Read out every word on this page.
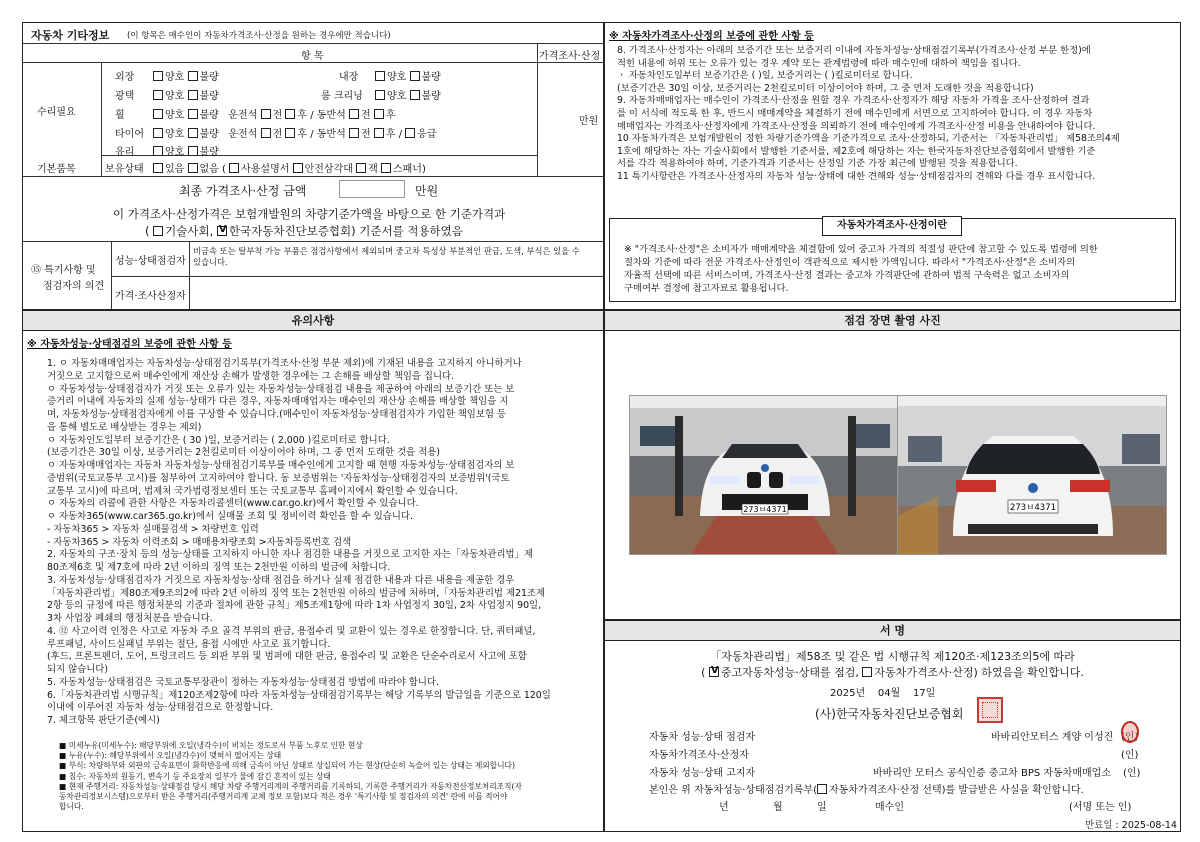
자동차 기타정보 (이 항목은 매수인이 자동차가격조사·산정을 원하는 경우에만 적습니다)
항 목	가격조사·산정
수리필요
기본품목
만원
외장	양호 불량	내장	양호 불량
광택	양호 불량	룸 크리닝	양호 불량
휠	양호 불량 운전석 전 후 / 동반석 전 후
타이어	양호 불량 운전석 전 후 / 동반석 전 후 / 응급
유리	양호 불량
보유상태	있음 없음 ( 사용설명서 안전삼각대 잭 스패너)
최종 가격조사·산정 금액	만원
이 가격조사·산정가격은 보험개발원의 차량기준가액을 바탕으로 한 기준가격과
( 기술사회, V 한국자동차진단보증협회) 기준서를 적용하였음
⑮ 특기사항 및
점검자의 의견
성능·상태점검자
비금속 또는 탈부착 가능 부품은 점검사항에서 제외되며 중고차 특성상 부분적인 판금, 도색, 부식은 있을 수
있습니다.
가격·조사산정자
※ 자동차가격조사·산정의 보증에 관한 사항 등
8. 가격조사·산정자는 아래의 보증기간 또는 보증거리 이내에 자동차성능·상태점검기록부(가격조사·산정 부분 한정)에
적힌 내용에 허위 또는 오류가 있는 경우 계약 또는 관계법령에 따라 매수인에 대하여 책임을 집니다.
ㆍ 자동차인도일부터 보증기간은 ( )일, 보증거리는 ( )킬로미터로 합니다.
(보증기간은 30일 이상, 보증거리는 2천킬로미터 이상이어야 하며, 그 중 먼저 도래한 것을 적용합니다)
9. 자동차매매업자는 매수인이 가격조사·산정을 원할 경우 가격조사·산정자가 해당 자동차 가격을 조사·산정하여 결과
를 이 서식에 적도록 한 후, 반드시 매매계약을 체결하기 전에 매수인에게 서면으로 고지하여야 합니다. 이 경우 자동차
매매업자는 가격조사·산정자에게 가격조사·산정을 의뢰하기 전에 매수인에게 가격조사·산정 비용을 안내하여야 합니다.
10 자동차가격은 보험개발원이 정한 차량기준가액을 기준가격으로 조사·산정하되, 기준서는 「자동차관리법」 제58조의4제
1호에 해당하는 자는 기술사회에서 발행한 기준서를, 제2호에 해당하는 자는 한국자동차진단보증협회에서 발행한 기준
서를 각각 적용하여야 하며, 기준가격과 기준서는 산정일 기준 가장 최근에 발행된 것을 적용합니다.
11 특기사항란은 가격조사·산정자의 자동차 성능·상태에 대한 견해와 성능·상태점검자의 견해와 다를 경우 표시합니다.
자동차가격조사·산정이란
※ "가격조사·산정"은 소비자가 매매계약을 체결함에 있어 중고차 가격의 적절성 판단에 참고할 수 있도록 법령에 의한
절차와 기준에 따라 전문 가격조사·산정인이 객관적으로 제시한 가액입니다. 따라서 "가격조사·산정"은 소비자의
자율적 선택에 따른 서비스이며, 가격조사·산정 결과는 중고차 가격판단에 관하여 법적 구속력은 없고 소비자의
구매여부 결정에 참고자료로 활용됩니다.
유의사항
※ 자동차성능·상태점검의 보증에 관한 사항 등
1. ㅇ 자동차매매업자는 자동차성능·상태점검기록부(가격조사·산정 부분 제외)에 기재된 내용을 고지하지 아니하거나
거짓으로 고지함으로써 매수인에게 재산상 손해가 발생한 경우에는 그 손해를 배상할 책임을 집니다.
ㅇ 자동차성능·상태점검자가 거짓 또는 오류가 있는 자동차성능·상태점검 내용을 제공하여 아래의 보증기간 또는 보
증거리 이내에 자동차의 실제 성능·상태가 다른 경우, 자동차매매업자는 매수인의 재산상 손해를 배상할 책임을 지
며, 자동차성능·상태점검자에게 이를 구상할 수 있습니다.(매수인이 자동차성능·상태점검자가 가입한 책임보험 등
을 통해 별도로 배상받는 경우는 제외)
ㅇ 자동차인도일부터 보증기간은 ( 30 )일, 보증거리는 ( 2,000 )킬로미터로 합니다.
(보증기간은 30일 이상, 보증거리는 2천킬로미터 이상이어야 하며, 그 중 먼저 도래한 것을 적용)
ㅇ 자동차매매업자는 자동차 자동차성능·상태점검기록부를 매수인에게 고지할 때 현행 자동차성능·상태점검자의 보
증범위(국토교통부 고시)를 첨부하여 고지하여야 합니다. 동 보증범위는 '자동차성능·상태점검자의 보증범위'(국토
교통부 고시)에 따르며, 법제처 국가법령정보센터 또는 국토교통부 홈페이지에서 확인할 수 있습니다.
ㅇ 자동차의 리콜에 관한 사항은 자동차리콜센터(www.car.go.kr)에서 확인할 수 있습니다.
ㅇ 자동차365(www.car365.go.kr)에서 실매물 조회 및 정비이력 확인을 할 수 있습니다.
- 자동차365 > 자동차 실매물검색 > 차량번호 입력
- 자동차365 > 자동차 이력조회 > 매매용차량조회 >자동차등록번호 검색
2. 자동차의 구조·장치 등의 성능·상태를 고지하지 아니한 자나 점검한 내용을 거짓으로 고지한 자는「자동차관리법」제
80조제6호 및 제7호에 따라 2년 이하의 징역 또는 2천만원 이하의 벌금에 처합니다.
3. 자동차성능·상태점검자가 거짓으로 자동차성능·상태 점검을 하거나 실제 점검한 내용과 다른 내용을 제공한 경우
「자동차관리법」제80조제9조의2에 따라 2년 이하의 징역 또는 2천만원 이하의 벌금에 처하며,「자동차관리법 제21조제
2항 등의 규정에 따른 행정처분의 기준과 절차에 관한 규칙」제5조제1항에 따라 1차 사업정지 30일, 2차 사업정지 90일,
3차 사업장 폐쇄의 행정처분을 받습니다.
4. ⑫ 사고이력 인정은 사고로 자동차 주요 골격 부위의 판금, 용접수리 및 교환이 있는 경우로 한정합니다. 단, 쿼터패널,
루프패널, 사이드실패널 부위는 절단, 용접 시에만 사고로 표기합니다.
(후드, 프론트펜더, 도어, 트렁크리드 등 외판 부위 및 범퍼에 대한 판금, 용접수리 및 교환은 단순수리로서 사고에 포함
되지 않습니다)
5. 자동차성능·상태점검은 국토교통부장관이 정하는 자동차성능·상태점검 방법에 따라야 합니다.
6.「자동차관리법 시행규칙」제120조제2항에 따라 자동차성능·상태점검기록부는 해당 기록부의 발급일을 기준으로 120일
이내에 이루어진 자동차 성능·상태점검으로 한정합니다.
7. 체크항목 판단기준(예시)
■ 미세누유(미세누수): 해당부위에 오일(냉각수)이 비치는 정도로서 부품 노후로 인한 현상
■ 누유(누수): 해당부위에서 오일(냉각수)이 맺혀서 떨어지는 상태
■ 부식: 차량하부와 외판의 금속표면이 화학반응에 의해 금속이 아닌 상태로 상실되어 가는 현상(단순히 녹슬어 있는 상태는 제외합니다)
■ 침수: 자동차의 원동기, 변속기 등 주요장치 일부가 물에 잠긴 흔적이 있는 상태
■ 현재 주행거리: 자동차성능·상태점검 당시 해당 차량 주행거리계의 주행거리를 기록하되, 기록한 주행거리가 자동차전산정보처리조직(자
동차관리정보시스템)으로부터 받은 주행거리(주행거리계 교체 정보 포함)보다 적은 경우 '특기사항 및 점검자의 의견' 란에 이를 적어야
합니다.
점검 장면 촬영 사진
273ㅂ4371	273ㅂ4371
서 명
「자동차관리법」제58조 및 같은 법 시행규칙 제120조·제123조의5에 따라
( V중고자동차성능·상태를 점검, 자동차가격조사·산정) 하였음을 확인합니다.
2025년 04월 17일
(사)한국자동차진단보증협회
자동차 성능·상태 점검자	바바리안모터스 계양 이성진 (인)
자동차가격조사·산정자	(인)
자동차 성능·상태 고지자	바바리안 모터스 공식인증 중고차 BPS 자동차매매업소 (인)
본인은 위 자동차성능·상태점검기록부( 자동차가격조사·산정 선택)를 발급받은 사실을 확인합니다.
년	월	일	매수인	(서명 또는 인)
만료일 : 2025-08-14
